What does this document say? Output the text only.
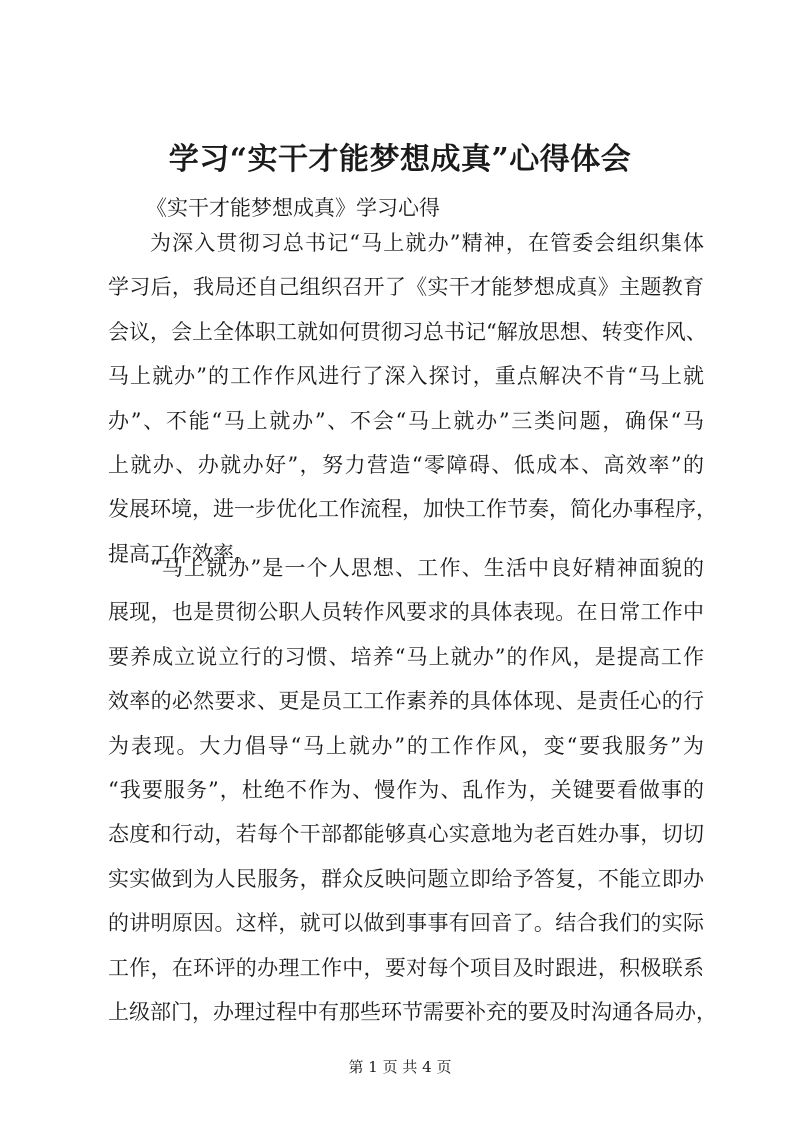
学习“实干才能梦想成真”心得体会

《实干才能梦想成真》学习心得

为深入贯彻习总书记“马上就办”精神，在管委会组织集体
学习后，我局还自己组织召开了《实干才能梦想成真》主题教育
会议，会上全体职工就如何贯彻习总书记“解放思想、转变作风、
马上就办”的工作作风进行了深入探讨，重点解决不肯“马上就
办”、不能“马上就办”、不会“马上就办”三类问题，确保“马
上就办、办就办好”，努力营造“零障碍、低成本、高效率”的
发展环境，进一步优化工作流程，加快工作节奏，简化办事程序，
提高工作效率。
“马上就办”是一个人思想、工作、生活中良好精神面貌的
展现，也是贯彻公职人员转作风要求的具体表现。在日常工作中
要养成立说立行的习惯、培养“马上就办”的作风，是提高工作
效率的必然要求、更是员工工作素养的具体体现、是责任心的行
为表现。大力倡导“马上就办”的工作作风，变“要我服务”为
“我要服务”，杜绝不作为、慢作为、乱作为，关键要看做事的
态度和行动，若每个干部都能够真心实意地为老百姓办事，切切
实实做到为人民服务，群众反映问题立即给予答复，不能立即办
的讲明原因。这样，就可以做到事事有回音了。结合我们的实际
工作，在环评的办理工作中，要对每个项目及时跟进，积极联系
上级部门，办理过程中有那些环节需要补充的要及时沟通各局办，

第 1 页 共 4 页
